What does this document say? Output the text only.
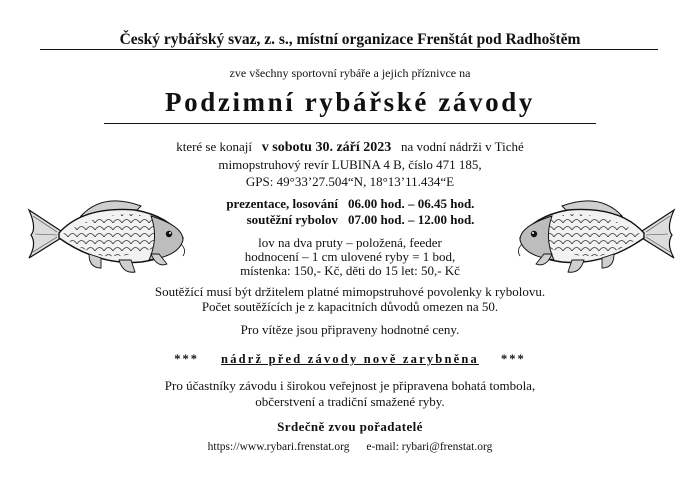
Český rybářský svaz, z. s., místní organizace Frenštát pod Radhoštěm
zve všechny sportovní rybáře a jejich příznivce na
Podzimní rybářské závody
které se konají v sobotu 30. září 2023 na vodní nádrži v Tiché
mimopstruhový revír LUBINA 4 B, číslo 471 185,
GPS: 49°33’27.504“N, 18°13’11.434“E
prezentace, losování
soutěžní rybolov
06.00 hod. – 06.45 hod.
07.00 hod. – 12.00 hod.
lov na dva pruty – položená, feeder
hodnocení – 1 cm ulovené ryby = 1 bod,
místenka: 150,- Kč, děti do 15 let: 50,- Kč
Soutěžící musí být držitelem platné mimopstruhové povolenky k rybolovu.
Počet soutěžících je z kapacitních důvodů omezen na 50.
Pro vítěze jsou připraveny hodnotné ceny.
*** nádrž před závody nově zarybněna ***
Pro účastníky závodu i širokou veřejnost je připravena bohatá tombola,
občerstvení a tradiční smažené ryby.
Srdečně zvou pořadatelé
https://www.rybari.frenstat.org e-mail: rybari@frenstat.org
